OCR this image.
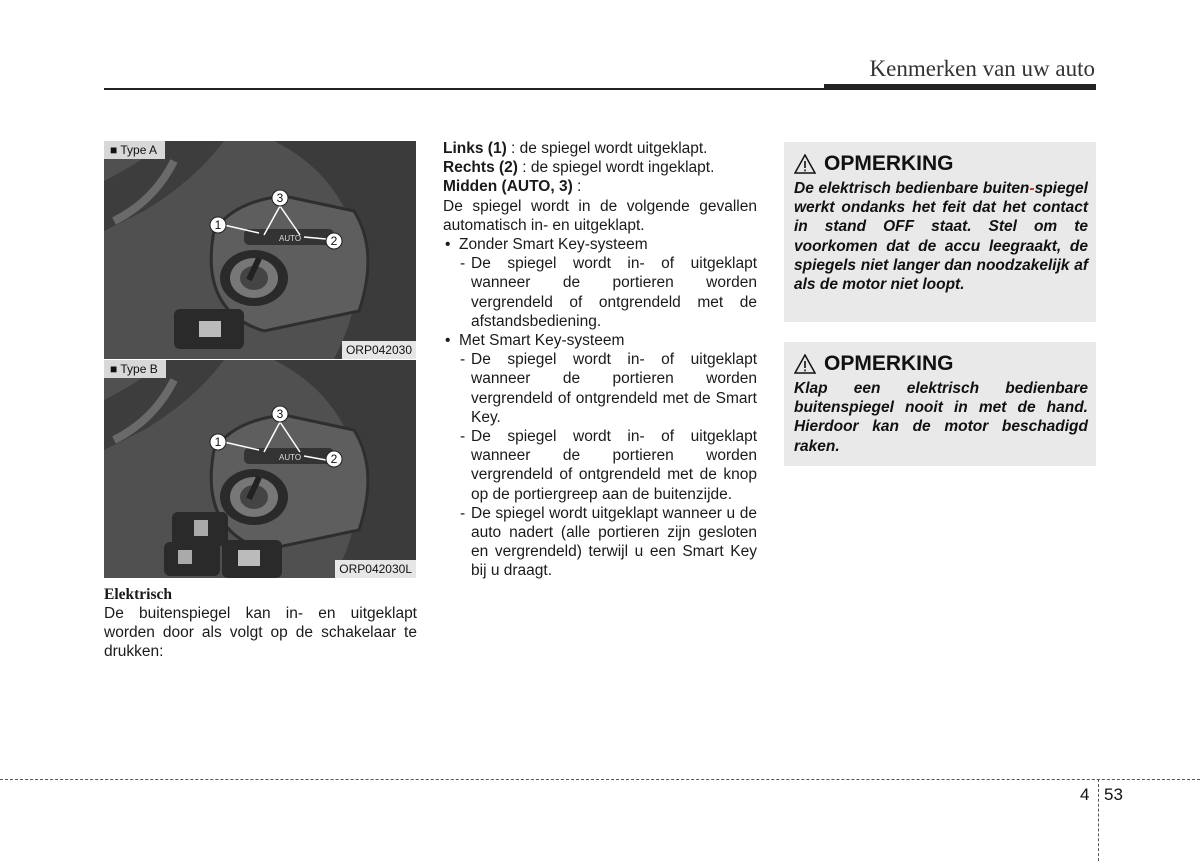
Kenmerken van uw auto
AUTO
1
2
3
■ Type A
ORP042030
AUTO
1
2
3
■ Type B
ORP042030L
Elektrisch
De buitenspiegel kan in- en uitgeklapt worden door als volgt op de schakelaar te drukken:

Links (1) : de spiegel wordt uitgeklapt.

Rechts (2) : de spiegel wordt ingeklapt.

Midden (AUTO, 3) :

De spiegel wordt in de volgende gevallen automatisch in- en uitgeklapt.

• Zonder Smart Key-systeem

- De spiegel wordt in- of uitgeklapt wanneer de portieren worden vergrendeld of ontgrendeld met de afstandsbediening.

• Met Smart Key-systeem

- De spiegel wordt in- of uitgeklapt wanneer de portieren worden vergrendeld of ontgrendeld met de Smart Key.

- De spiegel wordt in- of uitgeklapt wanneer de portieren worden vergrendeld of ontgrendeld met de knop op de portiergreep aan de buitenzijde.

- De spiegel wordt uitgeklapt wanneer u de auto nadert (alle portieren zijn gesloten en vergrendeld) terwijl u een Smart Key bij u draagt.

OPMERKING
De elektrisch bedienbare buiten-spiegel werkt ondanks het feit dat het contact in stand OFF staat. Stel om te voorkomen dat de accu leegraakt, de spiegels niet langer dan noodzakelijk af als de motor niet loopt.
OPMERKING
Klap een elektrisch bedienbare buitenspiegel nooit in met de hand. Hierdoor kan de motor beschadigd raken.
4 53
